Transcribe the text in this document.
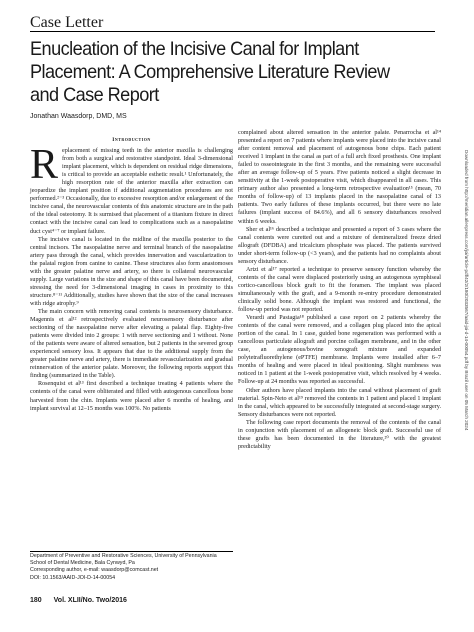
Case Letter
Enucleation of the Incisive Canal for Implant Placement: A Comprehensive Literature Review and Case Report
Jonathan Waasdorp, DMD, MS
Introduction

Replacement of missing teeth in the anterior maxilla is challenging from both a surgical and restorative standpoint. Ideal 3-dimensional implant placement, which is dependent on residual ridge dimensions, is critical to provide an acceptable esthetic result.¹ Unfortunately, the high resorption rate of the anterior maxilla after extraction can jeopardize the implant position if additional augmentation procedures are not performed.²⁻³ Occasionally, due to excessive resorption and/or enlargement of the incisive canal, the neurovascular contents of this anatomic structure are in the path of the ideal osteotomy. It is surmised that placement of a titanium fixture in direct contact with the incisive canal can lead to complications such as a nasopalatine duct cyst⁴⁻⁷ or implant failure.

The incisive canal is located in the midline of the maxilla posterior to the central incisors. The nasopalatine nerve and terminal branch of the nasopalatine artery pass through the canal, which provides innervation and vascularization to the palatal region from canine to canine. These structures also form anastomoses with the greater palatine nerve and artery, so there is collateral neurovascular supply. Large variations in the size and shape of this canal have been documented, stressing the need for 3-dimensional imaging in cases in proximity to this structure.⁸⁻¹¹ Additionally, studies have shown that the size of the canal increases with ridge atrophy.⁹

The main concern with removing canal contents is neurosensory disturbance. Magennis et al¹² retrospectively evaluated neurosensory disturbance after sectioning of the nasopalatine nerve after elevating a palatal flap. Eighty-five patients were divided into 2 groups: 1 with nerve sectioning and 1 without. None of the patients were aware of altered sensation, but 2 patients in the severed group experienced sensory loss. It appears that due to the additional supply from the greater palatine nerve and artery, there is immediate revascularization and gradual reinnervation of the anterior palate. Moreover, the following reports support this finding (summarized in the Table).

Rosenquist et al¹³ first described a technique treating 4 patients where the contents of the canal were obliterated and filled with autogenous cancellous bone harvested from the chin. Implants were placed after 6 months of healing, and implant survival at 12–15 months was 100%. No patients

Department of Preventive and Restorative Sciences, University of Pennsylvania School of Dental Medicine, Bala Cynwyd, Pa
Corresponding author, e-mail: waasdorp@comcast.net
DOI: 10.1563/AAID-JOI-D-14-00054

complained about altered sensation in the anterior palate. Penarrocha et al¹⁴ presented a report on 7 patients where implants were placed into the incisive canal after content removal and placement of autogenous bone chips. Each patient received 1 implant in the canal as part of a full arch fixed prosthesis. One implant failed to osseointegrate in the first 3 months, and the remaining were successful after an average follow-up of 5 years. Five patients noticed a slight decrease in sensitivity at the 1-week postoperative visit, which disappeared in all cases. This primary author also presented a long-term retrospective evaluation¹⁵ (mean, 70 months of follow-up) of 13 implants placed in the nasopalatine canal of 13 patients. Two early failures of these implants occurred, but there were no late failures (implant success of 84.6%), and all 6 sensory disturbances resolved within 6 weeks.

Sher et al¹⁶ described a technique and presented a report of 3 cases where the canal contents were curetted out and a mixture of demineralized freeze dried allograft (DFDBA) and tricalcium phosphate was placed. The patients survived under short-term follow-up (<3 years), and the patients had no complaints about sensory disturbance.

Artzi et al¹⁷ reported a technique to preserve sensory function whereby the contents of the canal were displaced posteriorly using an autogenous symphiseal cortico-cancellous block graft to fit the foramen. The implant was placed simultaneously with the graft, and a 9-month re-entry procedure demonstrated clinically solid bone. Although the implant was restored and functional, the follow-up period was not reported.

Verardi and Pastagia¹⁸ published a case report on 2 patients whereby the contents of the canal were removed, and a collagen plug placed into the apical portion of the canal. In 1 case, guided bone regeneration was performed with a cancellous particulate allograft and porcine collagen membrane, and in the other case, an autogenous/bovine xenograft mixture and expanded polytetrafluorethylene (ePTFE) membrane. Implants were installed after 6–7 months of healing and were placed in ideal positioning. Slight numbness was noticed in 1 patient at the 1-week postoperative visit, which resolved by 4 weeks. Follow-up at 24 months was reported as successful.

Other authors have placed implants into the canal without placement of graft material. Spin-Neto et al¹⁹ removed the contents in 1 patient and placed 1 implant in the canal, which appeared to be successfully integrated at second-stage surgery. Sensory disturbances were not reported.

The following case report documents the removal of the contents of the canal in conjunction with placement of an allogeneic block graft. Successful use of these grafts has been documented in the literature,²⁰ with the greatest predictability

180 Vol. XLII/No. Two/2016
Downloaded from http://meridian.allenpress.com/joi/article-pdf/42/2/180/2033567/aaid-joi-d-14-00054.pdf by Brazil user on 05 March 2024
